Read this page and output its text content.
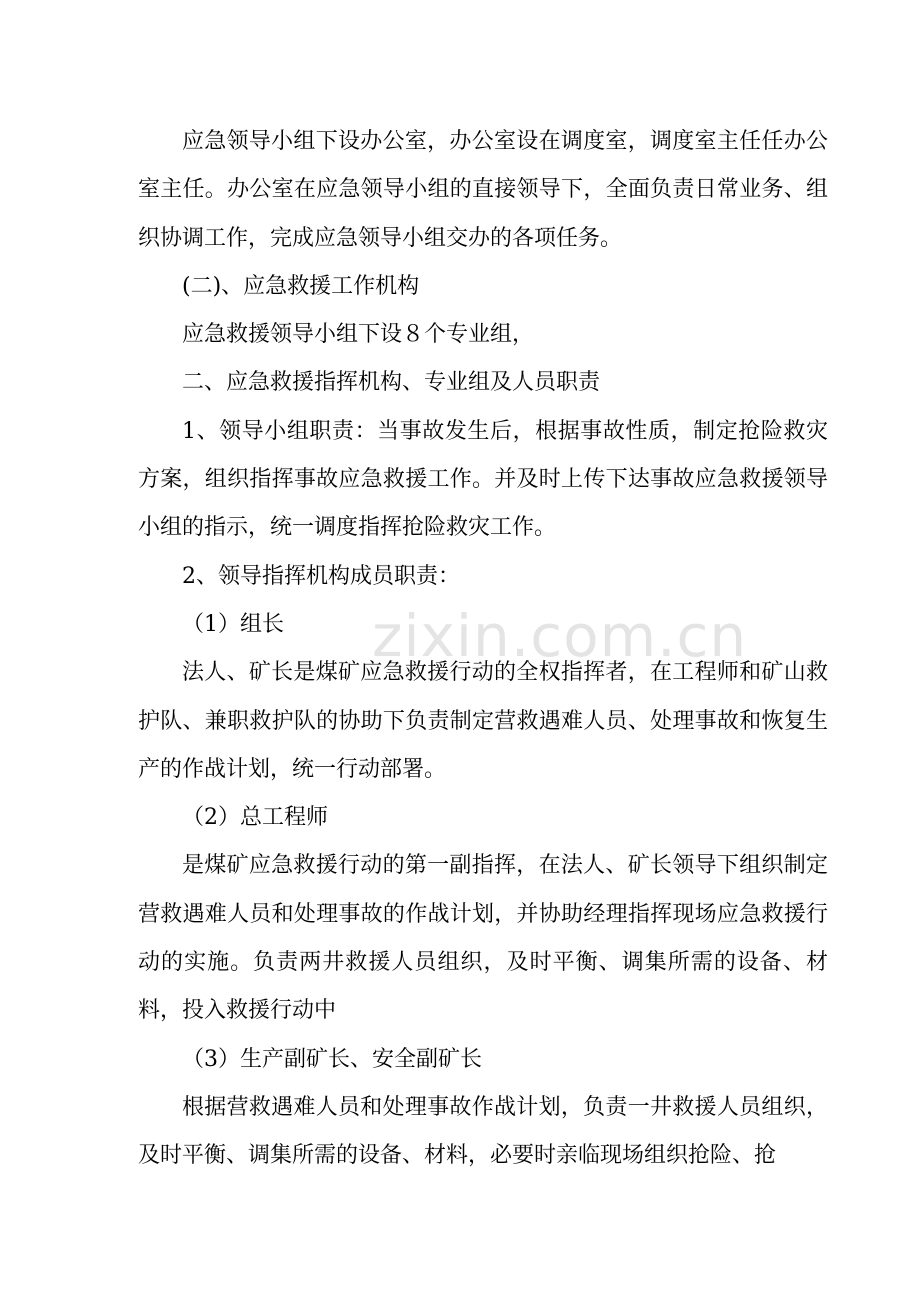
应急领导小组下设办公室，办公室设在调度室，调度室主任任办公室主任。办公室在应急领导小组的直接领导下，全面负责日常业务、组织协调工作，完成应急领导小组交办的各项任务。

(二)、应急救援工作机构

应急救援领导小组下设８个专业组，

二、应急救援指挥机构、专业组及人员职责

1、领导小组职责：当事故发生后，根据事故性质，制定抢险救灾方案，组织指挥事故应急救援工作。并及时上传下达事故应急救援领导小组的指示，统一调度指挥抢险救灾工作。

2、领导指挥机构成员职责：

（1）组长

法人、矿长是煤矿应急救援行动的全权指挥者，在工程师和矿山救护队、兼职救护队的协助下负责制定营救遇难人员、处理事故和恢复生产的作战计划，统一行动部署。

（2）总工程师

是煤矿应急救援行动的第一副指挥，在法人、矿长领导下组织制定营救遇难人员和处理事故的作战计划，并协助经理指挥现场应急救援行动的实施。负责两井救援人员组织，及时平衡、调集所需的设备、材料，投入救援行动中

（3）生产副矿长、安全副矿长

根据营救遇难人员和处理事故作战计划，负责一井救援人员组织，及时平衡、调集所需的设备、材料，必要时亲临现场组织抢险、抢

zixin.com.cn
